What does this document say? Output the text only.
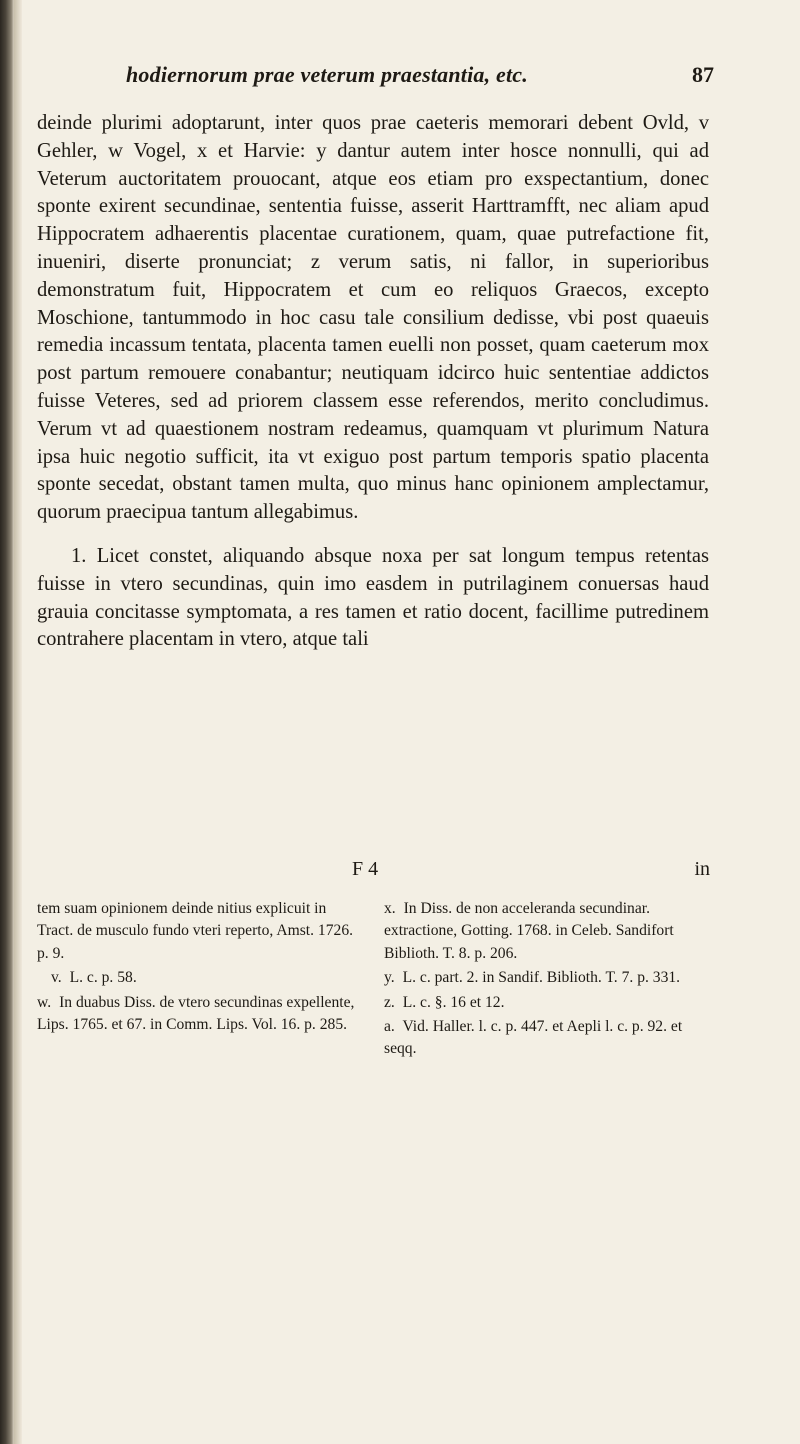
hodiernorum prae veterum praestantia, etc.	87

deinde plurimi adoptarunt, inter quos prae caeteris memorari debent Ovld, v Gehler, w Vogel, x et Harvie: y dantur autem inter hosce nonnulli, qui ad Veterum auctoritatem prouocant, atque eos etiam pro exspectantium, donec sponte exirent secundinae, sententia fuisse, asserit Harttramfft, nec aliam apud Hippocratem adhaerentis placentae curationem, quam, quae putrefactione fit, inueniri, diserte pronunciat; z verum satis, ni fallor, in superioribus demonstratum fuit, Hippocratem et cum eo reliquos Graecos, excepto Moschione, tantummodo in hoc casu tale consilium dedisse, vbi post quaeuis remedia incassum tentata, placenta tamen euelli non posset, quam caeterum mox post partum remouere conabantur; neutiquam idcirco huic sententiae addictos fuisse Veteres, sed ad priorem classem esse referendos, merito concludimus. Verum vt ad quaestionem nostram redeamus, quamquam vt plurimum Natura ipsa huic negotio sufficit, ita vt exiguo post partum temporis spatio placenta sponte secedat, obstant tamen multa, quo minus hanc opinionem amplectamur, quorum praecipua tantum allegabimus.

1. Licet constet, aliquando absque noxa per sat longum tempus retentas fuisse in vtero secundinas, quin imo easdem in putrilaginem conuersas haud grauia concitasse symptomata, a res tamen et ratio docent, facillime putredinem contrahere placentam in vtero, atque tali

F 4	in

tem suam opinionem deinde nitius explicuit in Tract. de musculo fundo vteri reperto, Amst. 1726. p. 9.

v. L. c. p. 58.

w. In duabus Diss. de vtero secundinas expellente, Lips. 1765. et 67. in Comm. Lips. Vol. 16. p. 285.

x. In Diss. de non acceleranda secundinar. extractione, Gotting. 1768. in Celeb. Sandifort Biblioth. T. 8. p. 206.

y. L. c. part. 2. in Sandif. Biblioth. T. 7. p. 331.

z. L. c. §. 16 et 12.

a. Vid. Haller. l. c. p. 447. et Aepli l. c. p. 92. et seqq.
